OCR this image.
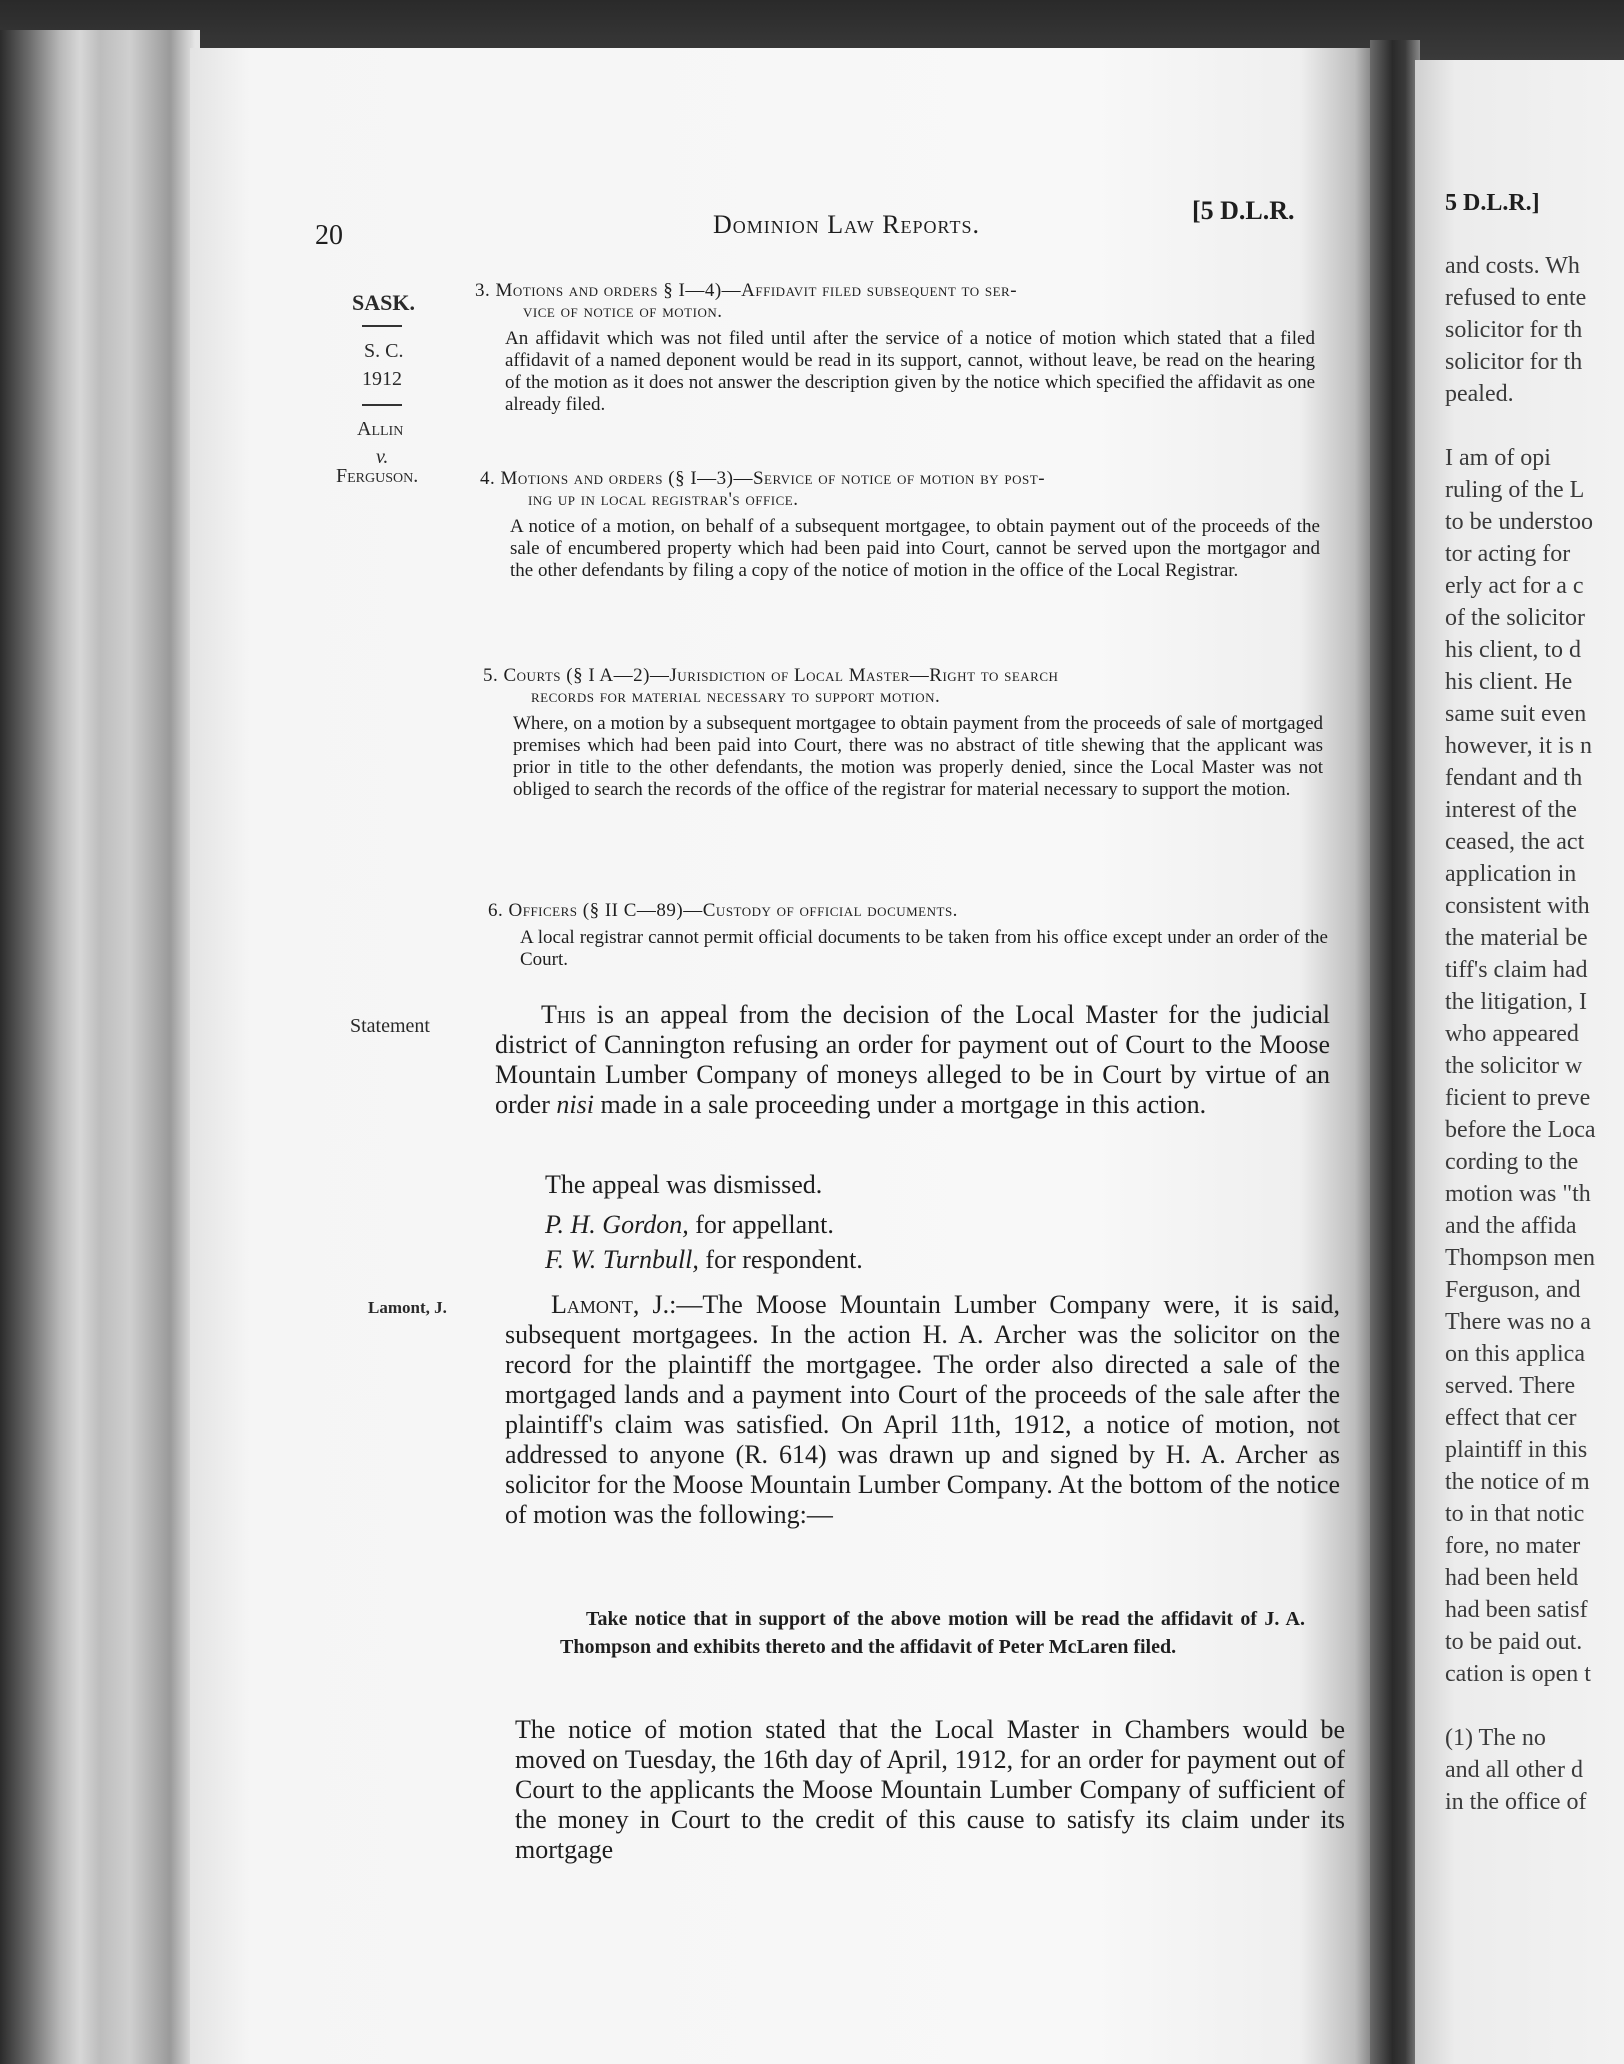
20	Dominion Law Reports.	[5 D.L.R.
SASK.
S. C.
1912
Allin
v.
Ferguson.
Statement
Lamont, J.
3. Motions and orders § I—4)—Affidavit filed subsequent to ser-
vice of notice of motion.
An affidavit which was not filed until after the service of a notice of motion which stated that a filed affidavit of a named deponent would be read in its support, cannot, without leave, be read on the hearing of the motion as it does not answer the description given by the notice which specified the affidavit as one already filed.
4. Motions and orders (§ I—3)—Service of notice of motion by post-
ing up in local registrar's office.
A notice of a motion, on behalf of a subsequent mortgagee, to obtain payment out of the proceeds of the sale of encumbered property which had been paid into Court, cannot be served upon the mortgagor and the other defendants by filing a copy of the notice of motion in the office of the Local Registrar.
5. Courts (§ I A—2)—Jurisdiction of Local Master—Right to search
records for material necessary to support motion.
Where, on a motion by a subsequent mortgagee to obtain payment from the proceeds of sale of mortgaged premises which had been paid into Court, there was no abstract of title shewing that the applicant was prior in title to the other defendants, the motion was properly denied, since the Local Master was not obliged to search the records of the office of the registrar for material necessary to support the motion.
6. Officers (§ II C—89)—Custody of official documents.
A local registrar cannot permit official documents to be taken from his office except under an order of the Court.
This is an appeal from the decision of the Local Master for the judicial district of Cannington refusing an order for payment out of Court to the Moose Mountain Lumber Company of moneys alleged to be in Court by virtue of an order nisi made in a sale proceeding under a mortgage in this action.
The appeal was dismissed.
P. H. Gordon, for appellant.
F. W. Turnbull, for respondent.
Lamont, J.:—The Moose Mountain Lumber Company were, it is said, subsequent mortgagees. In the action H. A. Archer was the solicitor on the record for the plaintiff the mortgagee. The order also directed a sale of the mortgaged lands and a payment into Court of the proceeds of the sale after the plaintiff's claim was satisfied. On April 11th, 1912, a notice of motion, not addressed to anyone (R. 614) was drawn up and signed by H. A. Archer as solicitor for the Moose Mountain Lumber Company. At the bottom of the notice of motion was the following:—
Take notice that in support of the above motion will be read the affidavit of J. A. Thompson and exhibits thereto and the affidavit of Peter McLaren filed.
The notice of motion stated that the Local Master in Chambers would be moved on Tuesday, the 16th day of April, 1912, for an order for payment out of Court to the applicants the Moose Mountain Lumber Company of sufficient of the money in Court to the credit of this cause to satisfy its claim under its mortgage
5 D.L.R.]
and costs. Wh
refused to ente
solicitor for th
solicitor for th
pealed.

I am of opi
ruling of the L
to be understoo
tor acting for
erly act for a c
of the solicitor
his client, to d
his client. He
same suit even
however, it is n
fendant and th
interest of the
ceased, the act
application in
consistent with
the material be
tiff's claim had
the litigation, I
who appeared
the solicitor w
ficient to preve
before the Loca
cording to the
motion was "th
and the affida
Thompson men
Ferguson, and
There was no a
on this applica
served. There
effect that cer
plaintiff in this
the notice of m
to in that notic
fore, no mater
had been held
had been satisf
to be paid out.
cation is open t

(1) The no
and all other d
in the office of
